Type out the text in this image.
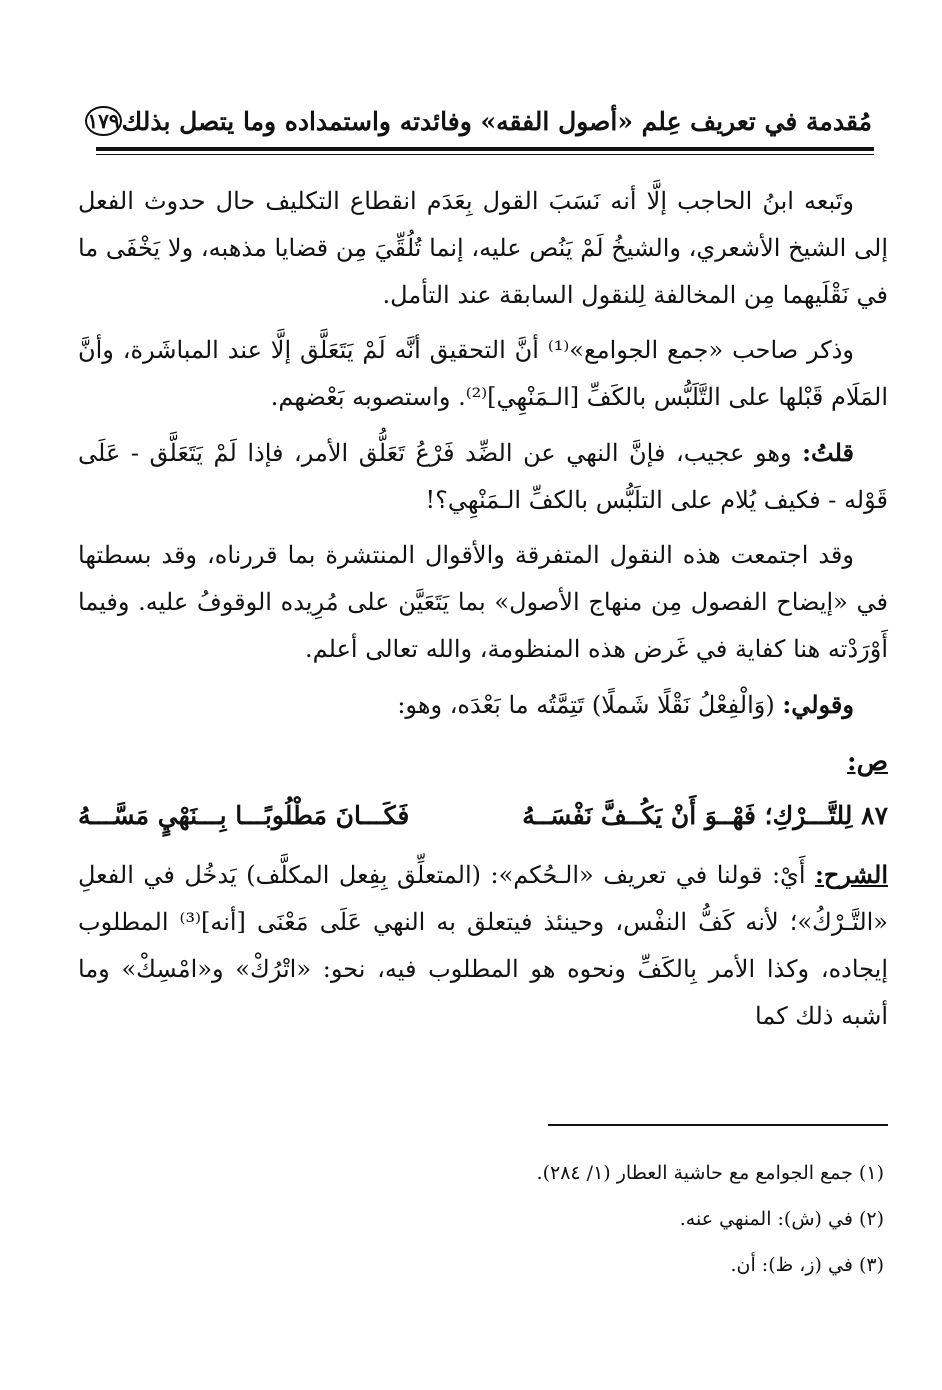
مُقدمة في تعريف عِلم «أصول الفقه» وفائدته واستمداده وما يتصل بذلك
١٧٩

وتَبعه ابنُ الحاجب إلَّا أنه نَسَبَ القول بِعَدَم انقطاع التكليف حال حدوث الفعل إلى الشيخ الأشعري، والشيخُ لَمْ يَنُص عليه، إنما تُلُقِّيَ مِن قضايا مذهبه، ولا يَخْفَى ما في نَقْلَيهما مِن المخالفة لِلنقول السابقة عند التأمل.

وذكر صاحب «جمع الجوامع»⁽¹⁾ أنَّ التحقيق أنَّه لَمْ يَتَعَلَّق إلَّا عند المباشَرة، وأنَّ المَلَام قَبْلها على التَّلَبُّس بالكَفِّ [الـمَنْهِي]⁽²⁾. واستصوبه بَعْضهم.

قلتُ: وهو عجيب، فإنَّ النهي عن الضِّد فَرْعُ تَعَلُّق الأمر، فإذا لَمْ يَتَعَلَّق - عَلَى قَوْله - فكيف يُلام على التلَبُّس بالكفِّ الـمَنْهِي؟!

وقد اجتمعت هذه النقول المتفرقة والأقوال المنتشرة بما قررناه، وقد بسطتها في «إيضاح الفصول مِن منهاج الأصول» بما يَتَعَيَّن على مُرِيده الوقوفُ عليه. وفيما أَوْرَدْته هنا كفاية في غَرض هذه المنظومة، والله تعالى أعلم.

وقولي: (وَالْفِعْلُ نَقْلًا شَملًا) تَتِمَّتُه ما بَعْدَه، وهو:

ص:
٨٧ لِلتَّـــرْكِ؛ فَهْــوَ أَنْ يَكُــفَّ نَفْسَــهُ
فَكَـــانَ مَطْلُوبًـــا بِـــنَهْيٍ مَسَّـــهُ

الشرح: أَيْ: قولنا في تعريف «الـحُكم»: (المتعلِّق بِفِعل المكلَّف) يَدخُل في الفعلِ «التَّـرْكُ»؛ لأنه كَفُّ النفْس، وحينئذ فيتعلق به النهي عَلَى مَعْنَى [أنه]⁽³⁾ المطلوب إيجاده، وكذا الأمر بِالكَفِّ ونحوه هو المطلوب فيه، نحو: «اتْرُكْ» و«امْسِكْ» وما أشبه ذلك كما

(١) جمع الجوامع مع حاشية العطار (١/ ٢٨٤).

(٢) في (ش): المنهي عنه.

(٣) في (ز، ظ): أن.
